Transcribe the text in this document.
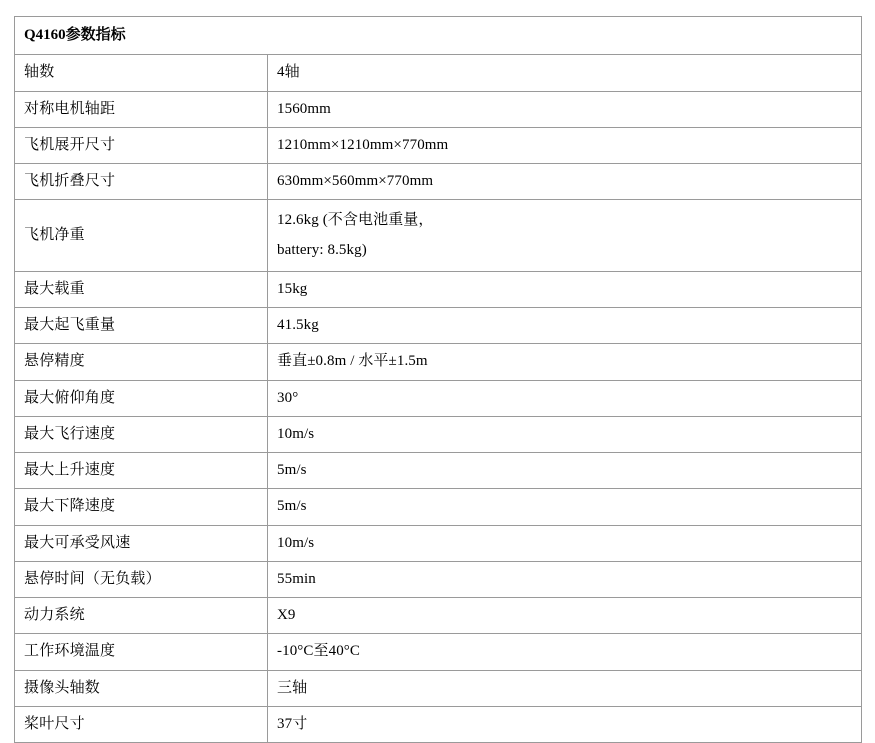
Q4160参数指标	
轴数	4轴

对称电机轴距	1560mm

飞机展开尺寸	1210mm×1210mm×770mm

飞机折叠尺寸	630mm×560mm×770mm

飞机净重	12.6kg (不含电池重量，
battery: 8.5kg)

最大载重	15kg

最大起飞重量	41.5kg

悬停精度	垂直±0.8m / 水平±1.5m

最大俯仰角度	30°

最大飞行速度	10m/s

最大上升速度	5m/s

最大下降速度	5m/s

最大可承受风速	10m/s

悬停时间（无负载）	55min

动力系统	X9

工作环境温度	-10°C至40°C

摄像头轴数	三轴

桨叶尺寸	37寸
